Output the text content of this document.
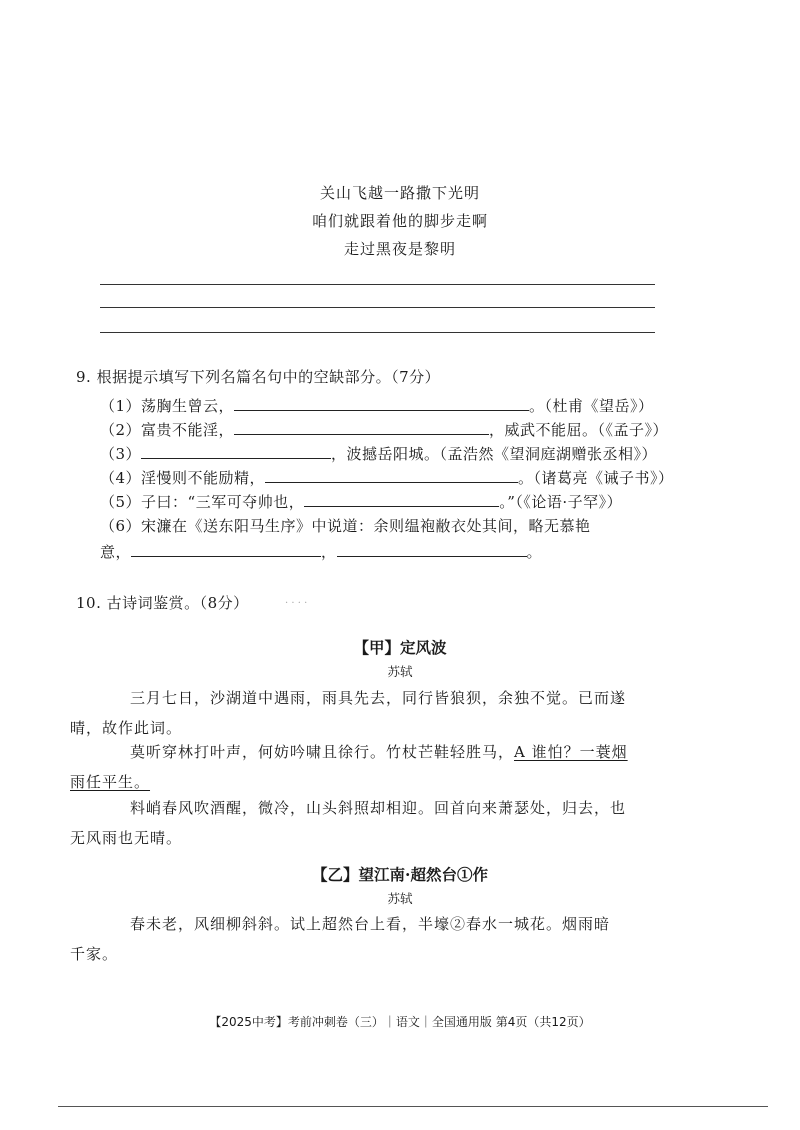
关山飞越一路撒下光明
咱们就跟着他的脚步走啊
走过黑夜是黎明
9. 根据提示填写下列名篇名句中的空缺部分。（7分）
（1）荡胸生曾云，	。（杜甫《望岳》）
（2）富贵不能淫，	，威武不能屈。（《孟子》）
（3）	，波撼岳阳城。（孟浩然《望洞庭湖赠张丞相》）
（4）淫慢则不能励精，	。（诸葛亮《诫子书》）
（5）子曰：“三军可夺帅也，	。”（《论语·子罕》）
（6）宋濂在《送东阳马生序》中说道：余则缊袍敝衣处其间，略无慕艳
意，	，	。
10. 古诗词鉴赏。（8分）	· · · ·
【甲】定风波
苏轼
三月七日，沙湖道中遇雨，雨具先去，同行皆狼狈，余独不觉。已而遂
晴，故作此词。
莫听穿林打叶声，何妨吟啸且徐行。竹杖芒鞋轻胜马，A 谁怕？一蓑烟
雨任平生。
料峭春风吹酒醒，微冷，山头斜照却相迎。回首向来萧瑟处，归去，也
无风雨也无晴。
【乙】望江南·超然台①作
苏轼
春未老，风细柳斜斜。试上超然台上看，半壕②春水一城花。烟雨暗
千家。
【2025中考】考前冲刺卷（三）｜语文｜全国通用版 第4页（共12页）
